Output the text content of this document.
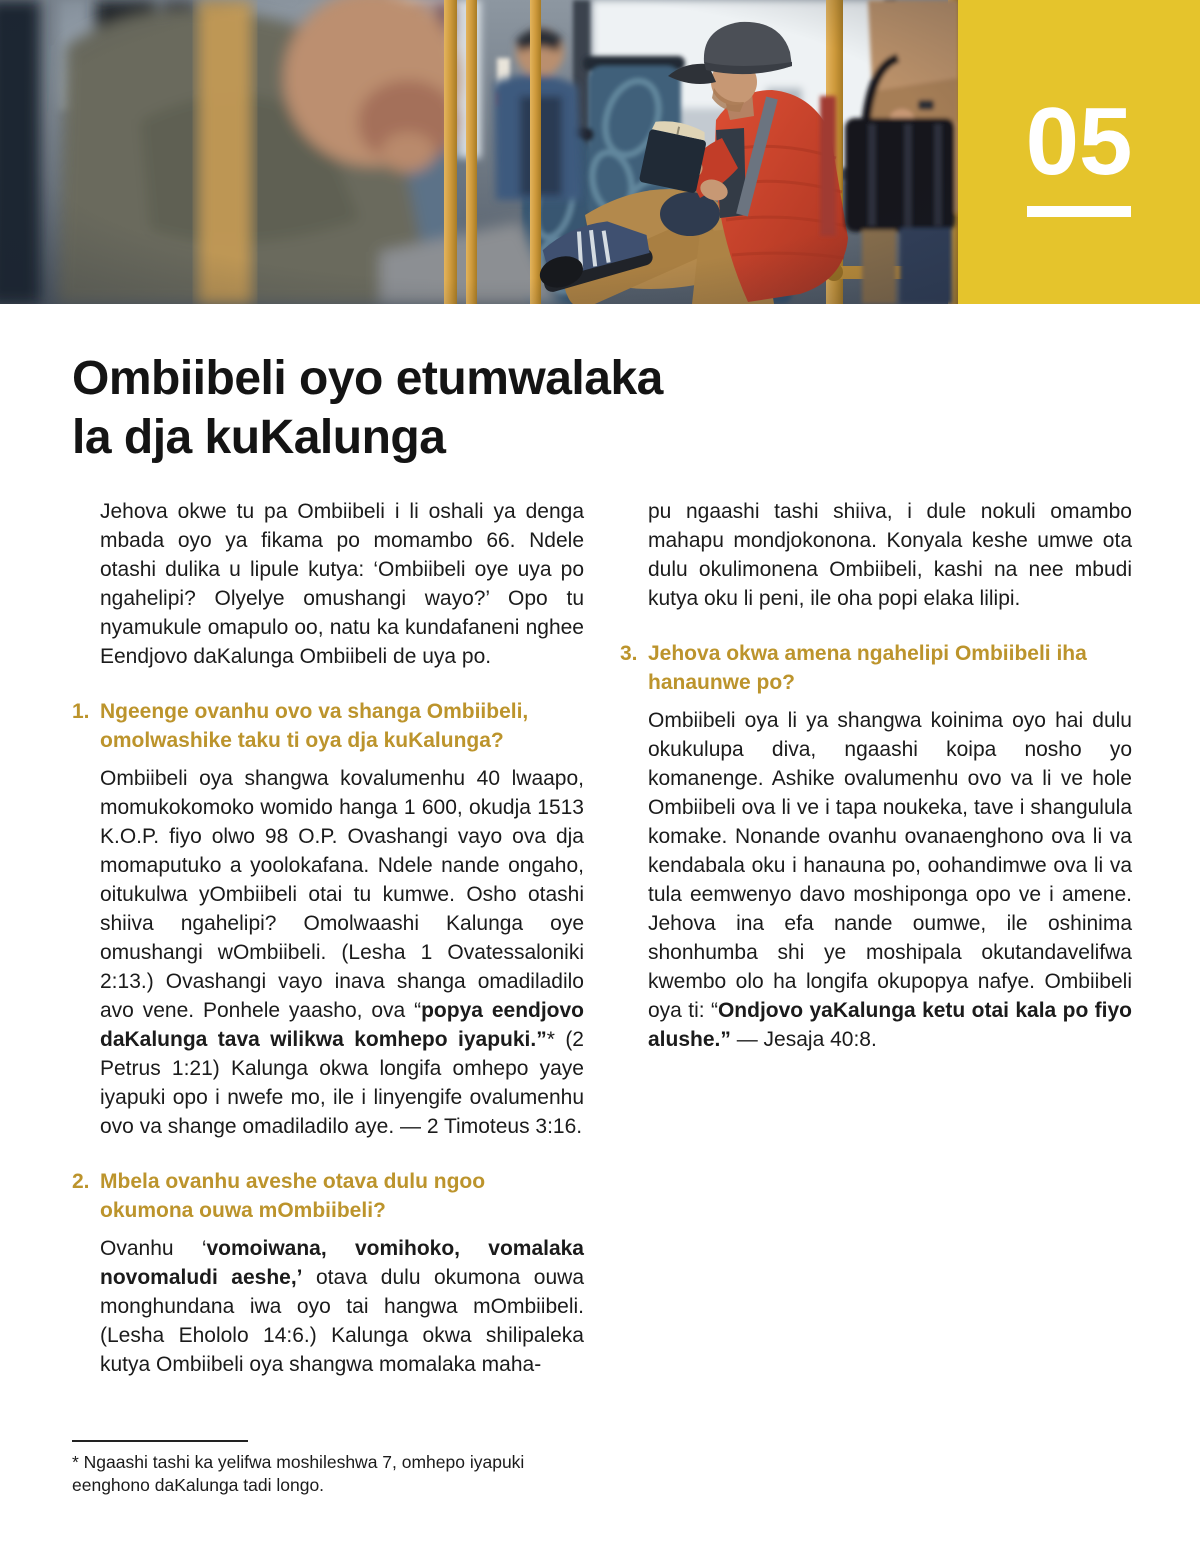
05
Ombiibeli oyo etumwalaka
la dja kuKalunga

Jehova okwe tu pa Ombiibeli i li oshali ya denga mbada oyo ya fikama po momambo 66. Ndele otashi dulika u lipule kutya: ‘Ombiibeli oye uya po ngahelipi? Olyelye omushangi wayo?’ Opo tu nyamukule omapulo oo, natu ka kundafaneni nghee Eendjovo daKalunga Ombiibeli de uya po.

1. Ngeenge ovanhu ovo va shanga Ombiibeli, omolwashike taku ti oya dja kuKalunga?

Ombiibeli oya shangwa kovalumenhu 40 lwaapo, momukokomoko womido hanga 1 600, okudja 1513 K.O.P. fiyo olwo 98 O.P. Ovashangi vayo ova dja momaputuko a yoolokafana. Ndele nande ongaho, oitukulwa yOmbiibeli otai tu kumwe. Osho otashi shiiva ngahelipi? Omolwaashi Kalunga oye omushangi wOmbiibeli. (Lesha 1 Ovatessaloniki 2:13.) Ovashangi vayo inava shanga omadiladilo avo vene. Ponhele yaasho, ova “popya eendjovo daKalunga tava wilikwa komhepo iyapuki.”* (2 Petrus 1:21) Kalunga okwa longifa omhepo yaye iyapuki opo i nwefe mo, ile i linyengife ovalumenhu ovo va shange omadiladilo aye. — 2 Timoteus 3:16.

2. Mbela ovanhu aveshe otava dulu ngoo okumona ouwa mOmbiibeli?

Ovanhu ‘vomoiwana, vomihoko, vomalaka novomaludi aeshe,’ otava dulu okumona ouwa monghundana iwa oyo tai hangwa mOmbiibeli. (Lesha Ehololo 14:6.) Kalunga okwa shilipaleka kutya Ombiibeli oya shangwa momalaka maha-

pu ngaashi tashi shiiva, i dule nokuli omambo mahapu mondjokonona. Konyala keshe umwe ota dulu okulimonena Ombiibeli, kashi na nee mbudi kutya oku li peni, ile oha popi elaka lilipi.

3. Jehova okwa amena ngahelipi Ombiibeli iha hanaunwe po?

Ombiibeli oya li ya shangwa koinima oyo hai dulu okukulupa diva, ngaashi koipa nosho yo komanenge. Ashike ovalumenhu ovo va li ve hole Ombiibeli ova li ve i tapa noukeka, tave i shangulula komake. Nonande ovanhu ovanaenghono ova li va kendabala oku i hanauna po, oohandimwe ova li va tula eemwenyo davo moshiponga opo ve i amene. Jehova ina efa nande oumwe, ile oshinima shonhumba shi ye moshipala okutandavelifwa kwembo olo ha longifa okupopya nafye. Ombiibeli oya ti: “Ondjovo yaKalunga ketu otai kala po fiyo alushe.” — Jesaja 40:8.

* Ngaashi tashi ka yelifwa moshileshwa 7, omhepo iyapuki eenghono daKalunga tadi longo.
